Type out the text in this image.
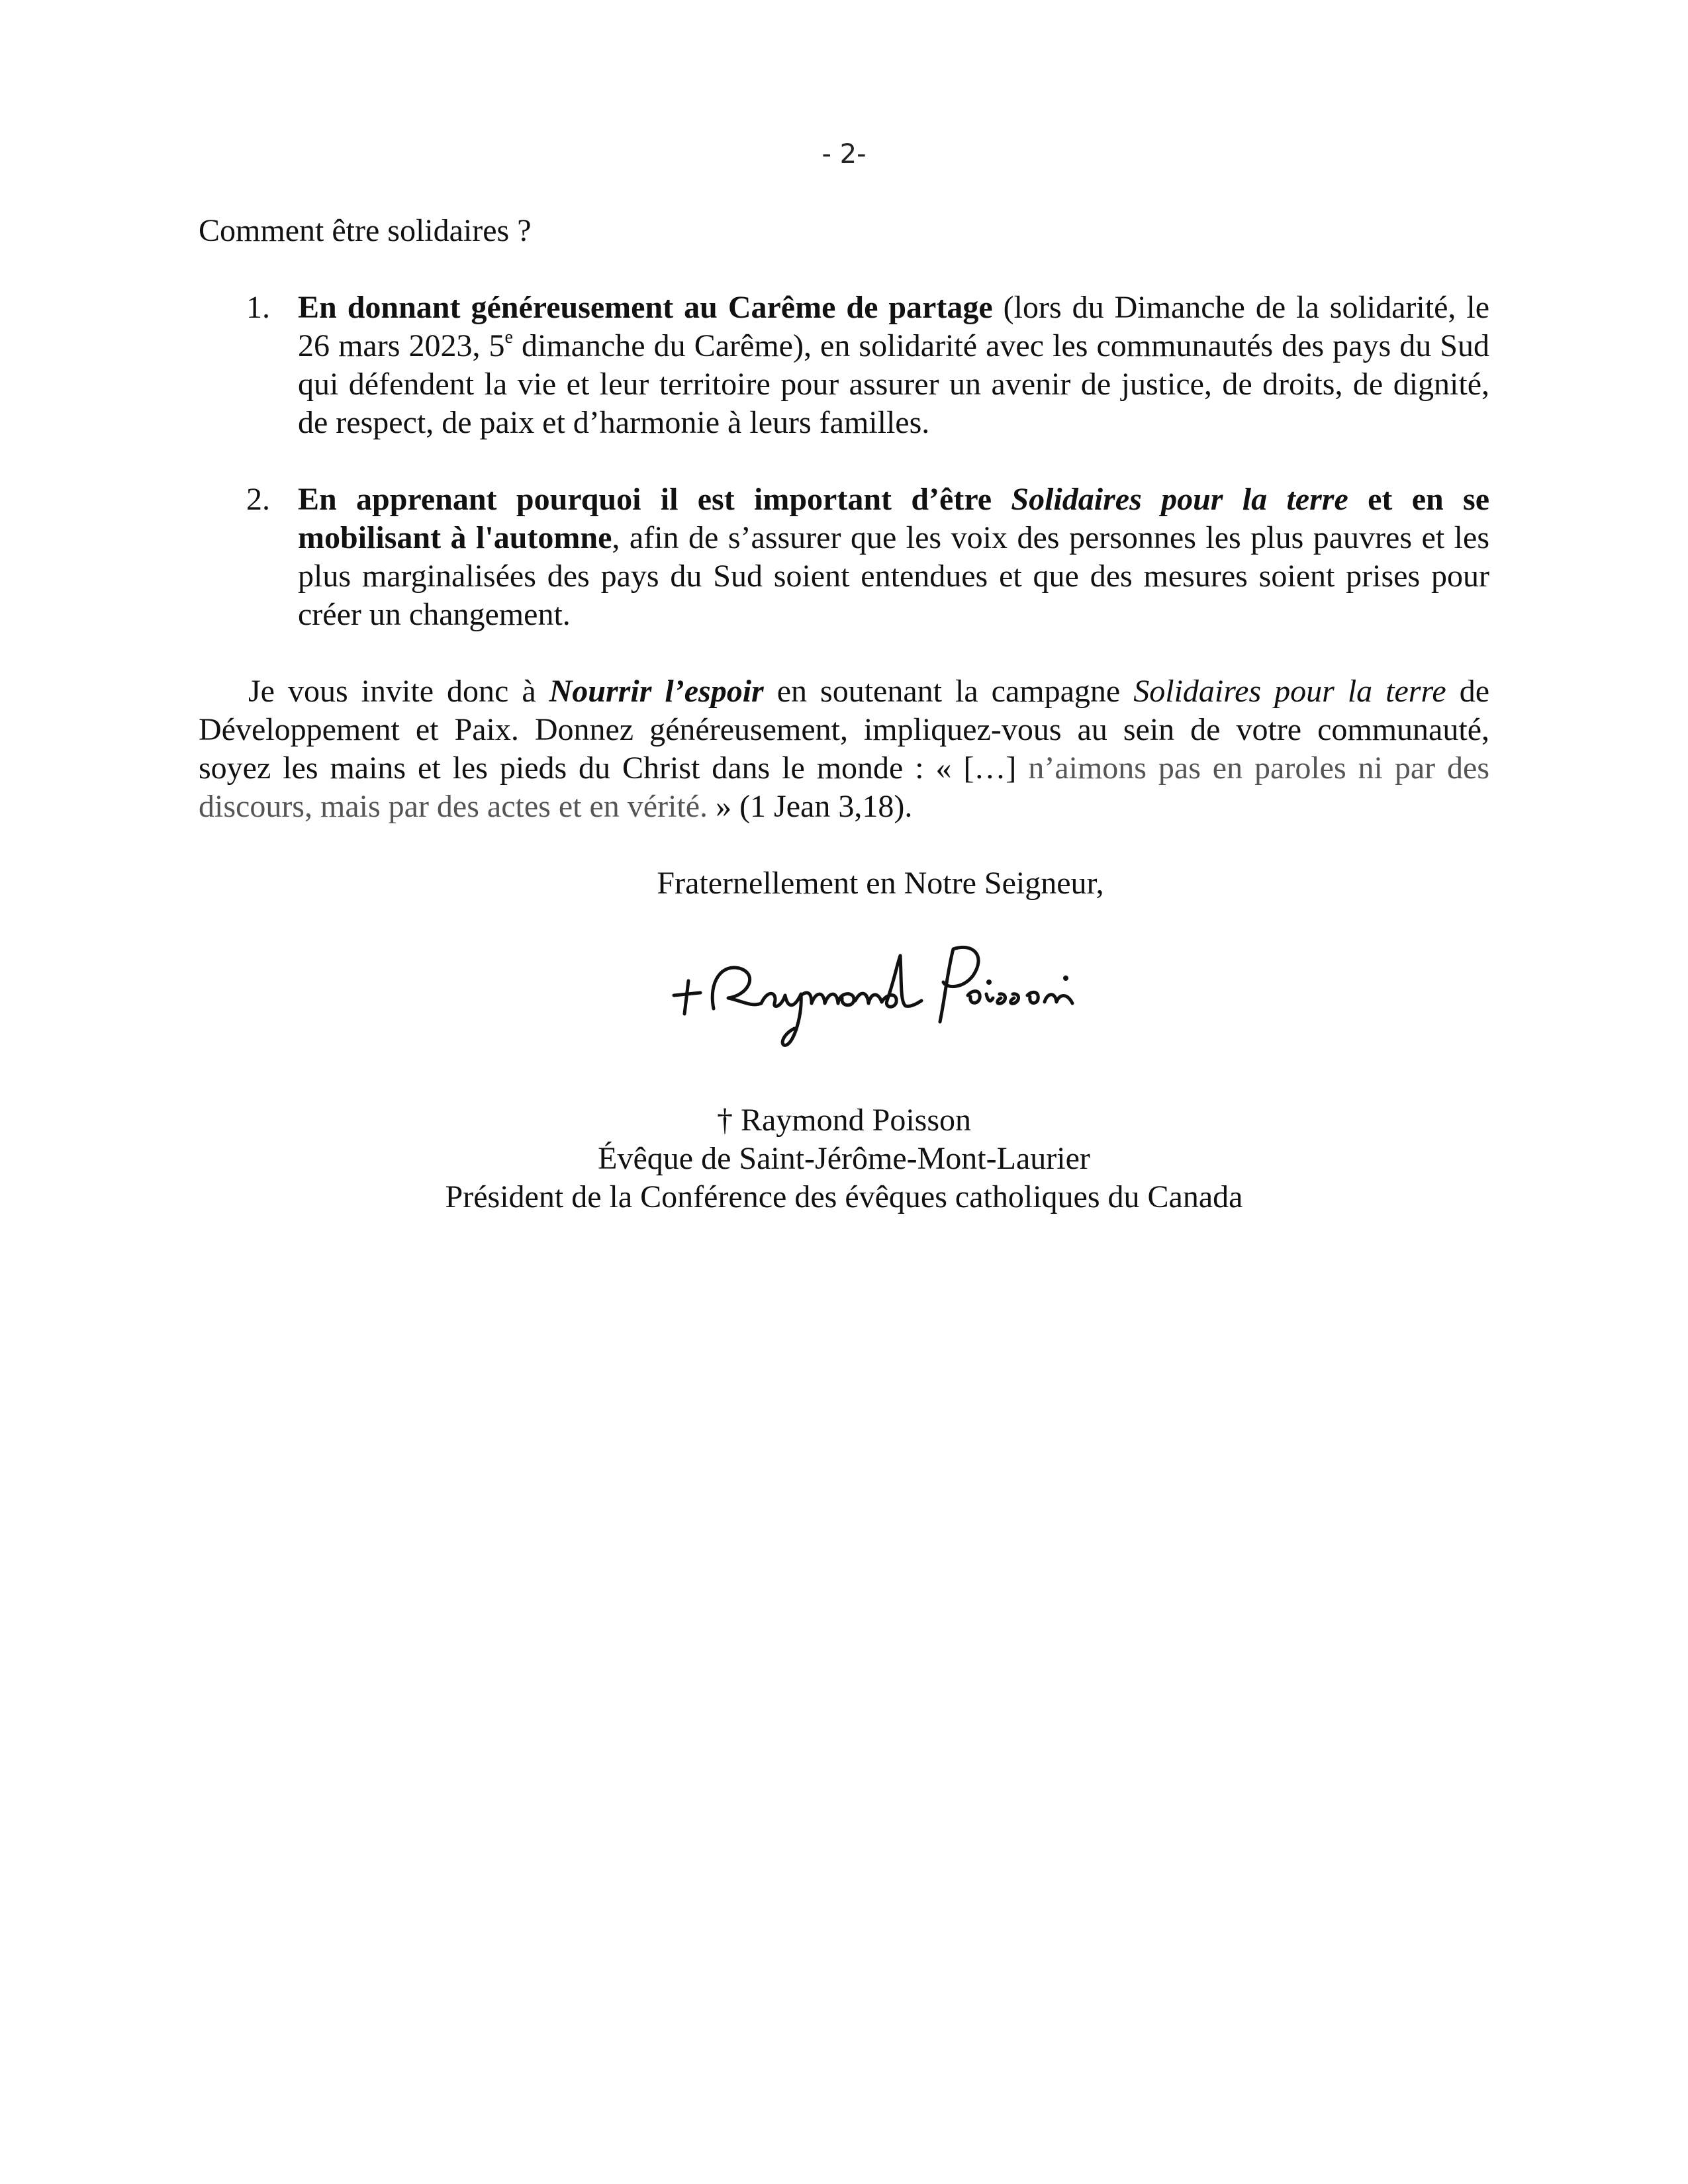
- 2-

Comment être solidaires ?

1. En donnant généreusement au Carême de partage (lors du Dimanche de la solidarité, le 26 mars 2023, 5e dimanche du Carême), en solidarité avec les communautés des pays du Sud qui défendent la vie et leur territoire pour assurer un avenir de justice, de droits, de dignité, de respect, de paix et d’harmonie à leurs familles.
2. En apprenant pourquoi il est important d’être Solidaires pour la terre et en se mobilisant à l'automne, afin de s’assurer que les voix des personnes les plus pauvres et les plus marginalisées des pays du Sud soient entendues et que des mesures soient prises pour créer un changement.

Je vous invite donc à Nourrir l’espoir en soutenant la campagne Solidaires pour la terre de Développement et Paix. Donnez généreusement, impliquez-vous au sein de votre communauté, soyez les mains et les pieds du Christ dans le monde : « […] n’aimons pas en paroles ni par des discours, mais par des actes et en vérité. » (1 Jean 3,18).

Fraternellement en Notre Seigneur,
† Raymond Poisson
Évêque de Saint-Jérôme-Mont-Laurier
Président de la Conférence des évêques catholiques du Canada
